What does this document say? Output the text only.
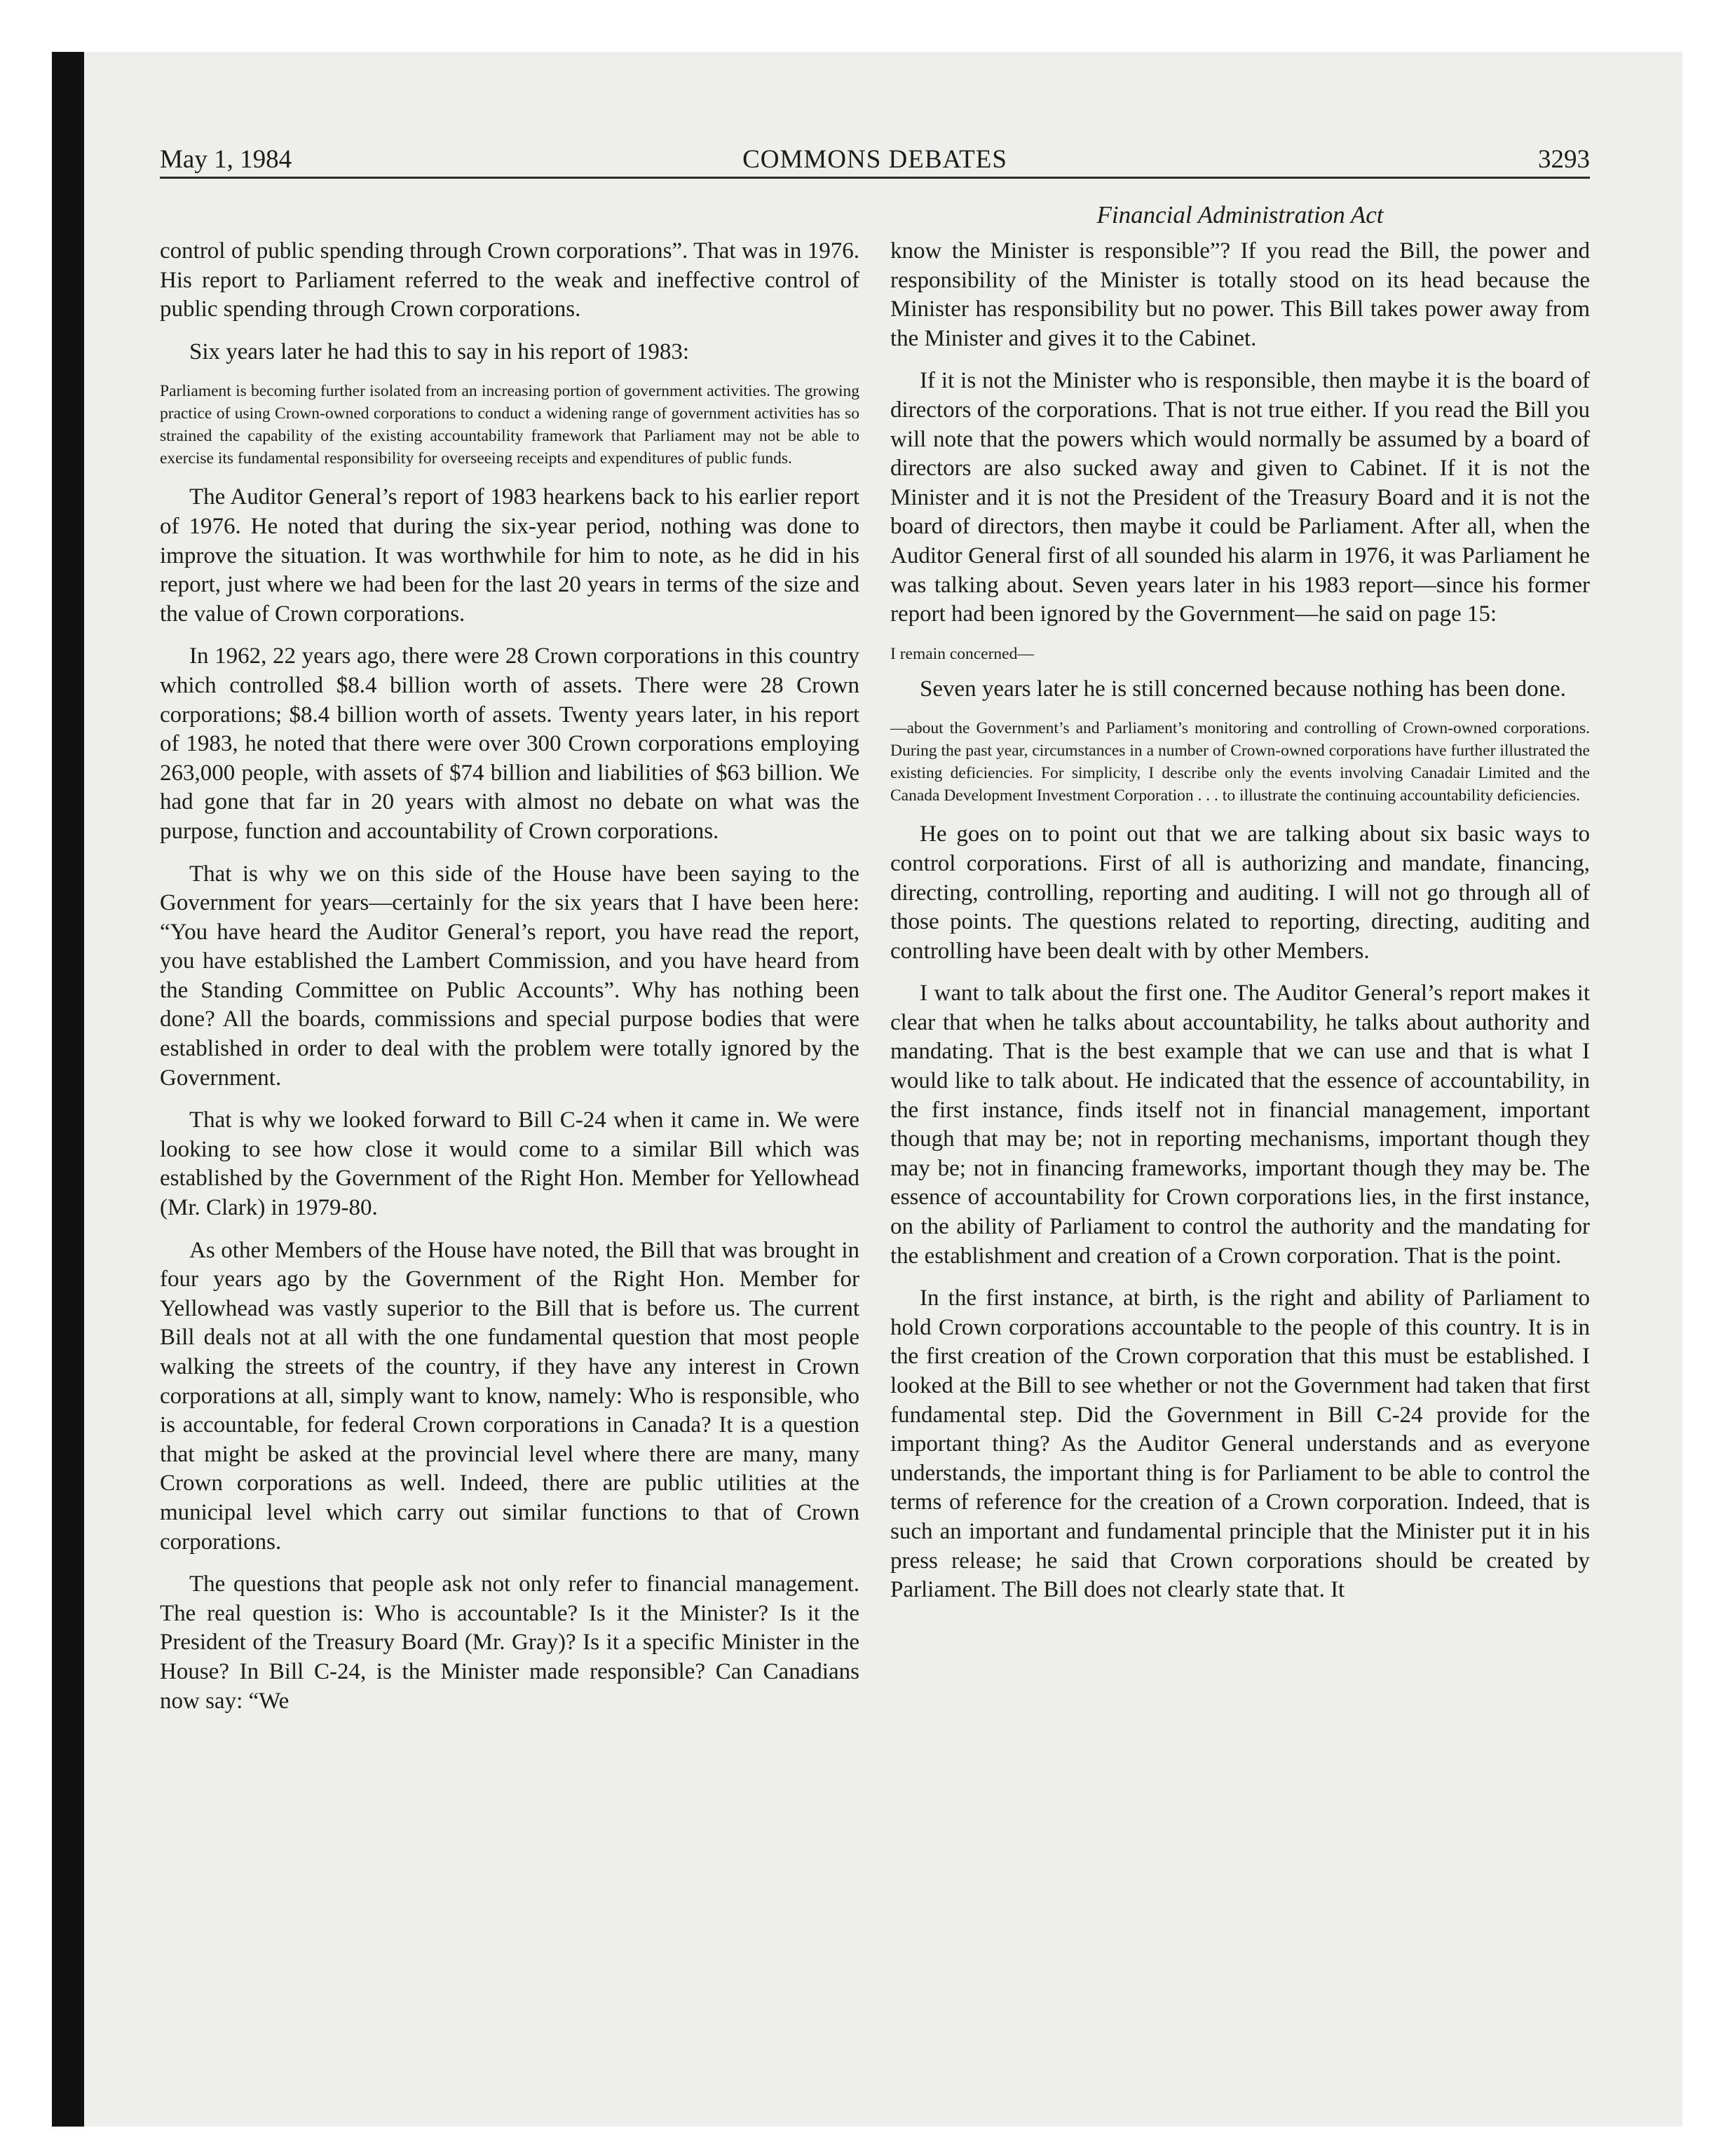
May 1, 1984	COMMONS DEBATES	3293
Financial Administration Act

control of public spending through Crown corporations”. That was in 1976. His report to Parliament referred to the weak and ineffective control of public spending through Crown corporations.

Six years later he had this to say in his report of 1983:

Parliament is becoming further isolated from an increasing portion of government activities. The growing practice of using Crown-owned corporations to conduct a widening range of government activities has so strained the capability of the existing accountability framework that Parliament may not be able to exercise its fundamental responsibility for overseeing receipts and expenditures of public funds.

The Auditor General’s report of 1983 hearkens back to his earlier report of 1976. He noted that during the six-year period, nothing was done to improve the situation. It was worthwhile for him to note, as he did in his report, just where we had been for the last 20 years in terms of the size and the value of Crown corporations.

In 1962, 22 years ago, there were 28 Crown corporations in this country which controlled $8.4 billion worth of assets. There were 28 Crown corporations; $8.4 billion worth of assets. Twenty years later, in his report of 1983, he noted that there were over 300 Crown corporations employing 263,000 people, with assets of $74 billion and liabilities of $63 billion. We had gone that far in 20 years with almost no debate on what was the purpose, function and accountability of Crown corporations.

That is why we on this side of the House have been saying to the Government for years—certainly for the six years that I have been here: “You have heard the Auditor General’s report, you have read the report, you have established the Lambert Commission, and you have heard from the Standing Committee on Public Accounts”. Why has nothing been done? All the boards, commissions and special purpose bodies that were established in order to deal with the problem were totally ignored by the Government.

That is why we looked forward to Bill C-24 when it came in. We were looking to see how close it would come to a similar Bill which was established by the Government of the Right Hon. Member for Yellowhead (Mr. Clark) in 1979-80.

As other Members of the House have noted, the Bill that was brought in four years ago by the Government of the Right Hon. Member for Yellowhead was vastly superior to the Bill that is before us. The current Bill deals not at all with the one fundamental question that most people walking the streets of the country, if they have any interest in Crown corporations at all, simply want to know, namely: Who is responsible, who is accountable, for federal Crown corporations in Canada? It is a question that might be asked at the provincial level where there are many, many Crown corporations as well. Indeed, there are public utilities at the municipal level which carry out similar functions to that of Crown corporations.

The questions that people ask not only refer to financial management. The real question is: Who is accountable? Is it the Minister? Is it the President of the Treasury Board (Mr. Gray)? Is it a specific Minister in the House? In Bill C-24, is the Minister made responsible? Can Canadians now say: “We

know the Minister is responsible”? If you read the Bill, the power and responsibility of the Minister is totally stood on its head because the Minister has responsibility but no power. This Bill takes power away from the Minister and gives it to the Cabinet.

If it is not the Minister who is responsible, then maybe it is the board of directors of the corporations. That is not true either. If you read the Bill you will note that the powers which would normally be assumed by a board of directors are also sucked away and given to Cabinet. If it is not the Minister and it is not the President of the Treasury Board and it is not the board of directors, then maybe it could be Parliament. After all, when the Auditor General first of all sounded his alarm in 1976, it was Parliament he was talking about. Seven years later in his 1983 report—since his former report had been ignored by the Government—he said on page 15:

I remain concerned—

Seven years later he is still concerned because nothing has been done.

—about the Government’s and Parliament’s monitoring and controlling of Crown-owned corporations. During the past year, circumstances in a number of Crown-owned corporations have further illustrated the existing deficiencies. For simplicity, I describe only the events involving Canadair Limited and the Canada Development Investment Corporation . . . to illustrate the continuing accountability deficiencies.

He goes on to point out that we are talking about six basic ways to control corporations. First of all is authorizing and mandate, financing, directing, controlling, reporting and auditing. I will not go through all of those points. The questions related to reporting, directing, auditing and controlling have been dealt with by other Members.

I want to talk about the first one. The Auditor General’s report makes it clear that when he talks about accountability, he talks about authority and mandating. That is the best example that we can use and that is what I would like to talk about. He indicated that the essence of accountability, in the first instance, finds itself not in financial management, important though that may be; not in reporting mechanisms, important though they may be; not in financing frameworks, important though they may be. The essence of accountability for Crown corporations lies, in the first instance, on the ability of Parliament to control the authority and the mandating for the establishment and creation of a Crown corporation. That is the point.

In the first instance, at birth, is the right and ability of Parliament to hold Crown corporations accountable to the people of this country. It is in the first creation of the Crown corporation that this must be established. I looked at the Bill to see whether or not the Government had taken that first fundamental step. Did the Government in Bill C-24 provide for the important thing? As the Auditor General understands and as everyone understands, the important thing is for Parliament to be able to control the terms of reference for the creation of a Crown corporation. Indeed, that is such an important and fundamental principle that the Minister put it in his press release; he said that Crown corporations should be created by Parliament. The Bill does not clearly state that. It
